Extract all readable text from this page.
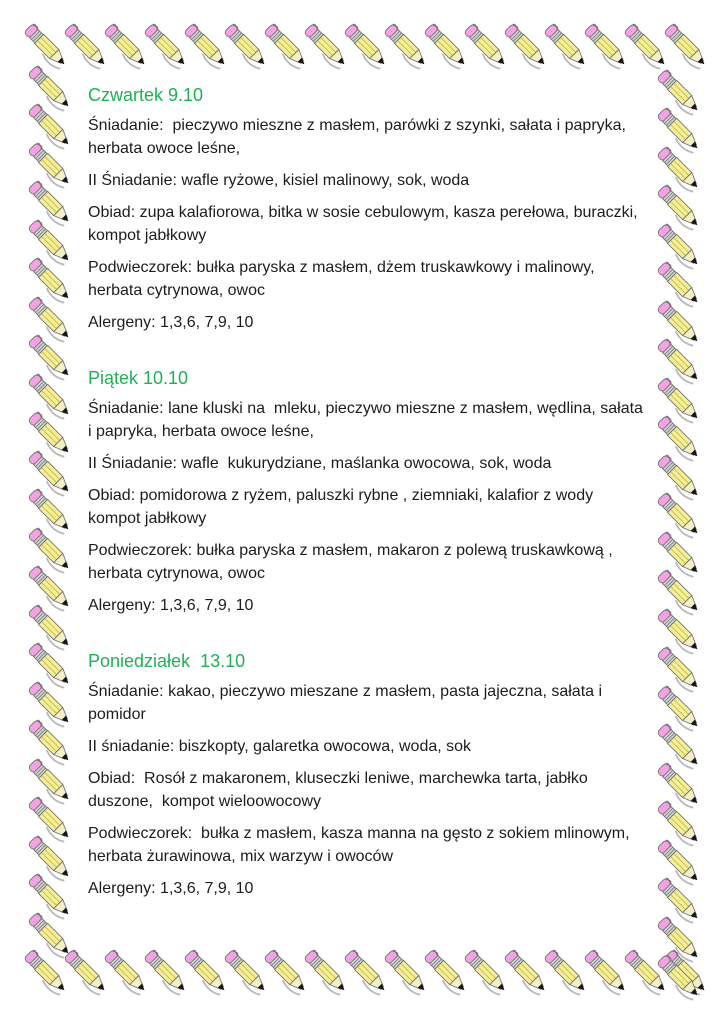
Czwartek 9.10

Śniadanie:  pieczywo mieszne z masłem, parówki z szynki, sałata i papryka, herbata owoce leśne,

II Śniadanie: wafle ryżowe, kisiel malinowy, sok, woda

Obiad: zupa kalafiorowa, bitka w sosie cebulowym, kasza perełowa, buraczki, kompot jabłkowy

Podwieczorek: bułka paryska z masłem, dżem truskawkowy i malinowy, herbata cytrynowa, owoc

Alergeny: 1,3,6, 7,9, 10

Piątek 10.10

Śniadanie: lane kluski na  mleku, pieczywo mieszne z masłem, wędlina, sałata i papryka, herbata owoce leśne,

II Śniadanie: wafle  kukurydziane, maślanka owocowa, sok, woda

Obiad: pomidorowa z ryżem, paluszki rybne , ziemniaki, kalafior z wody kompot jabłkowy

Podwieczorek: bułka paryska z masłem, makaron z polewą truskawkową , herbata cytrynowa, owoc

Alergeny: 1,3,6, 7,9, 10

Poniedziałek  13.10

Śniadanie: kakao, pieczywo mieszane z masłem, pasta jajeczna, sałata i pomidor

II śniadanie: biszkopty, galaretka owocowa, woda, sok

Obiad:  Rosół z makaronem, kluseczki leniwe, marchewka tarta, jabłko duszone,  kompot wieloowocowy

Podwieczorek:  bułka z masłem, kasza manna na gęsto z sokiem mlinowym, herbata żurawinowa, mix warzyw i owoców

Alergeny: 1,3,6, 7,9, 10
